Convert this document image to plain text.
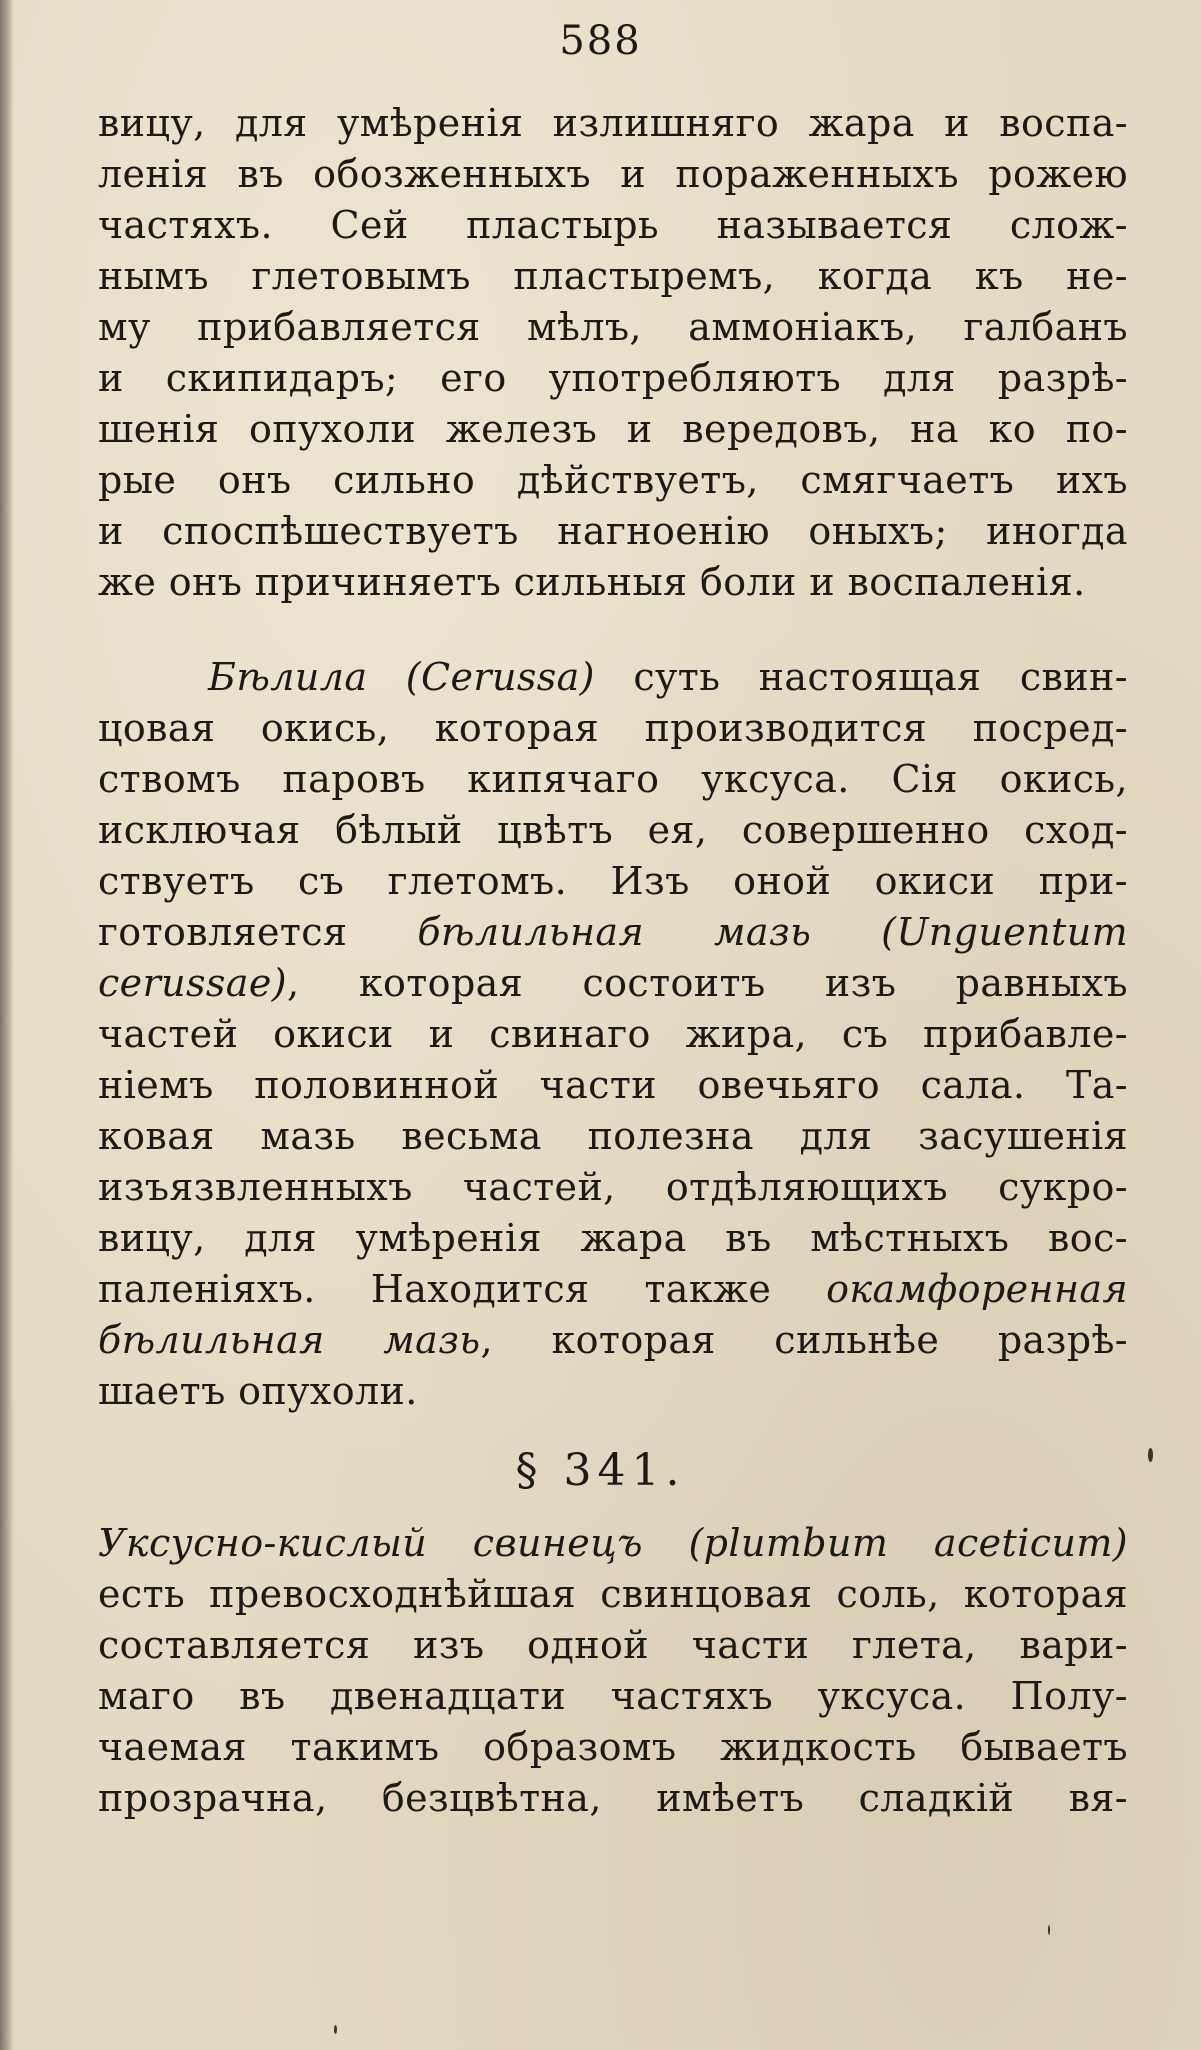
588
вицу, для умѣренія излишняго жара и воспа-
ленія въ обозженныхъ и пораженныхъ рожею
частяхъ. Сей пластырь называется слож-
нымъ глетовымъ пластыремъ, когда къ не-
му прибавляется мѣлъ, аммоніакъ, галбанъ
и скипидаръ; его употребляютъ для разрѣ-
шенія опухоли железъ и вередовъ, на ко по-
рые онъ сильно дѣйствуетъ, смягчаетъ ихъ
и споспѣшествуетъ нагноенію оныхъ; иногда
же онъ причиняетъ сильныя боли и воспаленія.
Бѣлила (Cerussa) суть настоящая свин-
цовая окись, которая производится посред-
ствомъ паровъ кипячаго уксуса. Сія окись,
исключая бѣлый цвѣтъ ея, совершенно сход-
ствуетъ съ глетомъ. Изъ оной окиси при-
готовляется бѣлильная мазь (Unguentum
cerussae), которая состоитъ изъ равныхъ
частей окиси и свинаго жира, съ прибавле-
ніемъ половинной части овечьяго сала. Та-
ковая мазь весьма полезна для засушенія
изъязвленныхъ частей, отдѣляющихъ сукро-
вицу, для умѣренія жара въ мѣстныхъ вос-
паленіяхъ. Находится также окамфоренная
бѣлильная мазь, которая сильнѣе разрѣ-
шаетъ опухоли.
§ 341.
Уксусно-кислый свинецъ (plumbum aceticum)
есть превосходнѣйшая свинцовая соль, которая
составляется изъ одной части глета, вари-
маго въ двенадцати частяхъ уксуса. Полу-
чаемая такимъ образомъ жидкость бываетъ
прозрачна, безцвѣтна, имѣетъ сладкій вя-
